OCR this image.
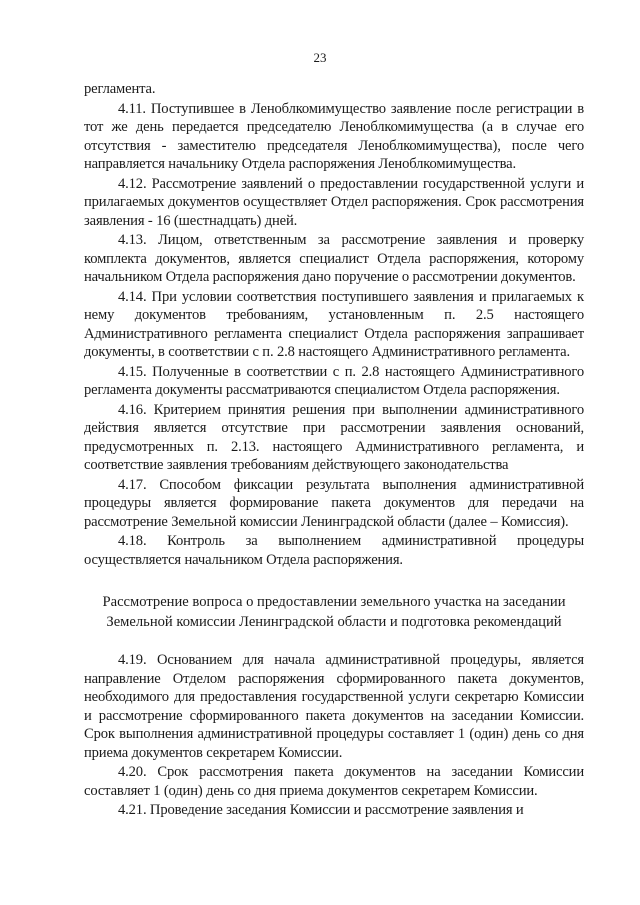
23

регламента.

4.11. Поступившее в Леноблкомимущество заявление после регистрации в тот же день передается председателю Леноблкомимущества (а в случае его отсутствия - заместителю председателя Леноблкомимущества), после чего направляется начальнику Отдела распоряжения Леноблкомимущества.

4.12. Рассмотрение заявлений о предоставлении государственной услуги и прилагаемых документов осуществляет Отдел распоряжения. Срок рассмотрения заявления - 16 (шестнадцать) дней.

4.13. Лицом, ответственным за рассмотрение заявления и проверку комплекта документов, является специалист Отдела распоряжения, которому начальником Отдела распоряжения дано поручение о рассмотрении документов.

4.14. При условии соответствия поступившего заявления и прилагаемых к нему документов требованиям, установленным п. 2.5 настоящего Административного регламента специалист Отдела распоряжения запрашивает документы, в соответствии с п. 2.8 настоящего Административного регламента.

4.15. Полученные в соответствии с п. 2.8 настоящего Административного регламента документы рассматриваются специалистом Отдела распоряжения.

4.16. Критерием принятия решения при выполнении административного действия является отсутствие при рассмотрении заявления оснований, предусмотренных п. 2.13. настоящего Административного регламента, и соответствие заявления требованиям действующего законодательства

4.17. Способом фиксации результата выполнения административной процедуры является формирование пакета документов для передачи на рассмотрение Земельной комиссии Ленинградской области (далее – Комиссия).

4.18. Контроль за выполнением административной процедуры осуществляется начальником Отдела распоряжения.

Рассмотрение вопроса о предоставлении земельного участка на заседании
Земельной комиссии Ленинградской области и подготовка рекомендаций

4.19. Основанием для начала административной процедуры, является направление Отделом распоряжения сформированного пакета документов, необходимого для предоставления государственной услуги секретарю Комиссии и рассмотрение сформированного пакета документов на заседании Комиссии. Срок выполнения административной процедуры составляет 1 (один) день со дня приема документов секретарем Комиссии.

4.20. Срок рассмотрения пакета документов на заседании Комиссии составляет 1 (один) день со дня приема документов секретарем Комиссии.

4.21. Проведение заседания Комиссии и рассмотрение заявления и
